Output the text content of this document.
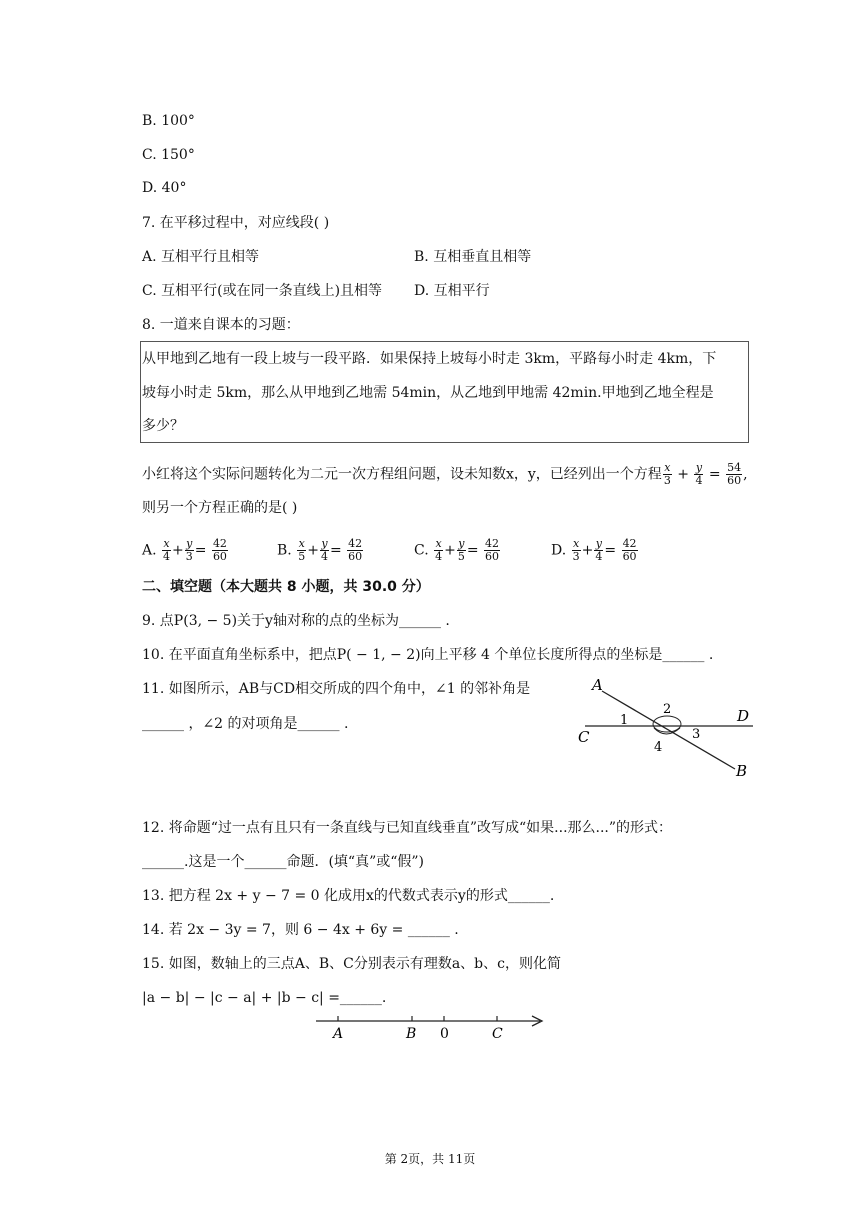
B. 100°
C. 150°
D. 40°
7. 在平移过程中，对应线段( )
A. 互相平行且相等	B. 互相垂直且相等
C. 互相平行(或在同一条直线上)且相等 D. 互相平行
8. 一道来自课本的习题：
从甲地到乙地有一段上坡与一段平路．如果保持上坡每小时走 3km，平路每小时走 4km，下
坡每小时走 5km，那么从甲地到乙地需 54min，从乙地到甲地需 42min.甲地到乙地全程是
多少？
小红将这个实际问题转化为二元一次方程组问题，设未知数x，y，已经列出一个方程 $\frac{x}{3} + \frac{y}{4} = \frac{54}{60}$ ,
则另一个方程正确的是( )
A. $\frac{x}{4} + \frac{y}{3} = \frac{42}{60}$	B. $\frac{x}{5} + \frac{y}{4} = \frac{42}{60}$	C. $\frac{x}{4} + \frac{y}{5} = \frac{42}{60}$	D. $\frac{x}{3} + \frac{y}{4} = \frac{42}{60}$
二、填空题（本大题共 8 小题，共 30.0 分）
9. 点P(3, − 5)关于y轴对称的点的坐标为______ .
10. 在平面直角坐标系中，把点P( − 1, − 2)向上平移 4 个单位长度所得点的坐标是______ .
11. 如图所示，AB与CD相交所成的四个角中，∠1 的邻补角是
______ ，∠2 的对项角是______ .
A
B
C
D
1
2
3
4
12. 将命题“过一点有且只有一条直线与已知直线垂直”改写成“如果...那么...”的形式：
______.这是一个______命题．(填“真”或“假”)
13. 把方程 2x + y − 7 = 0 化成用x的代数式表示y的形式______.
14. 若 2x − 3y = 7，则 6 − 4x + 6y = ______ .
15. 如图，数轴上的三点A、B、C分别表示有理数a、b、c，则化简
|a − b| − |c − a| + |b − c| =______.
A	B 0	C
第 2页，共 11页
